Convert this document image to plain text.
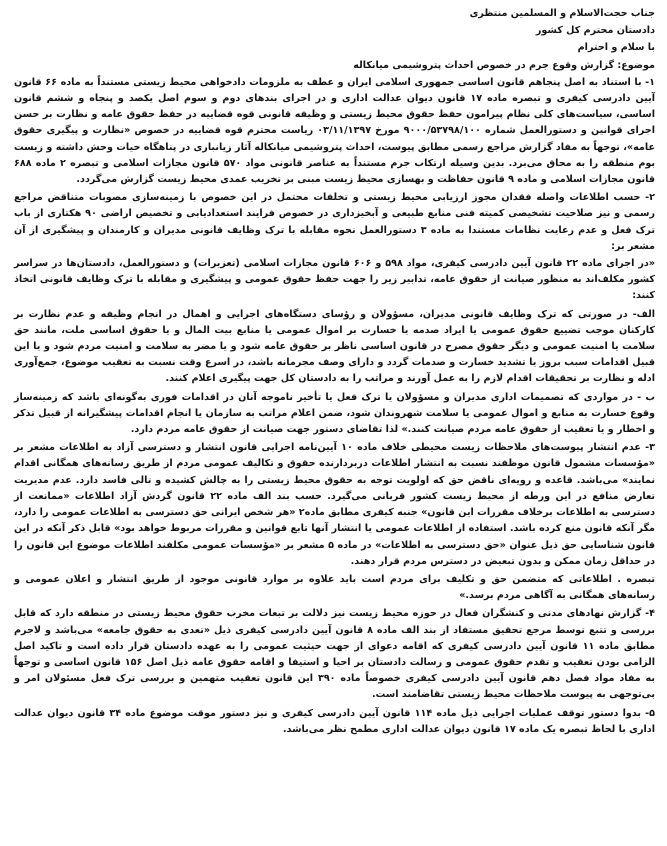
جناب حجت‌الاسلام و المسلمین منتظری
دادستان محترم کل کشور
با سلام و احترام
موضوع: گزارش وقوع جرم در خصوص احداث پتروشیمی میانکاله

۱- با استناد به اصل پنجاهم قانون اساسی جمهوری اسلامی ایران و عطف به ملزومات دادخواهی محیط زیستی مستنداً به ماده ۶۶ قانون آیین دادرسی کیفری و تبصره ماده ۱۷ قانون دیوان عدالت اداری و در اجرای بندهای دوم و سوم اصل یکصد و پنجاه و ششم قانون اساسی، سیاست‌های کلی نظام پیرامون حفظ حقوق محیط زیستی و وظیفه قانونی قوه قضاییه در حفظ حقوق عامه و نظارت بر حسن اجرای قوانین و دستورالعمل شماره ۹۰۰۰/۵۳۷۹۸/۱۰۰ مورخ ۰۳/۱۱/۱۳۹۷ ریاست محترم قوه قضاییه در خصوص «نظارت و پیگیری حقوق عامه»، توجهاً به مفاد گزارش مراجع رسمی مطابق پیوست، احداث پتروشیمی میانکاله آثار زیانباری در پناهگاه حیات وحش داشته و زیست بوم منطقه را به محاق می‌برد. بدین وسیله ارتکاب جرم مستنداً به عناصر قانونی مواد ۵۷۰ قانون مجازات اسلامی و تبصره ۲ ماده ۶۸۸ قانون مجازات اسلامی و ماده ۹ قانون حفاظت و بهسازی محیط زیست مبنی بر تخریب عمدی محیط زیست گزارش می‌گردد.

۲- حسب اطلاعات واصله فقدان مجوز ارزیابی محیط زیستی و تخلفات محتمل در این خصوص با زمینه‌سازی مصوبات متناقض مراجع رسمی و نیز صلاحیت تشخیصی کمیته فنی منابع طبیعی و آبخیزداری در خصوص فرایند استعدادیابی و تخصیص اراضی ۹۰ هکتاری از باب ترک فعل و عدم رعایت نظامات مستندا به ماده ۳ دستورالعمل نحوه مقابله با ترک وظایف قانونی مدیران و کارمندان و پیشگیری از آن مشعر بر:

«در اجرای ماده ۲۲ قانون آیین دادرسی کیفری، مواد ۵۹۸ و ۶۰۶ قانون مجازات اسلامی (تعزیرات) و دستورالعمل، دادستان‌ها در سراسر کشور مکلف‌اند به منظور صیانت از حقوق عامه، تدابیر زیر را جهت حفظ حقوق عمومی و پیشگیری و مقابله با ترک وظایف قانونی اتخاذ کنند:

الف- در صورتی که ترک وظایف قانونی مدیران، مسؤولان و رؤسای دستگاه‌های اجرایی و اهمال در انجام وظیفه و عدم نظارت بر کارکنان موجب تضییع حقوق عمومی یا ایراد صدمه یا خسارت بر اموال عمومی یا منابع بیت المال و یا حقوق اساسی ملت، مانند حق سلامت یا امنیت عمومی و دیگر حقوق مصرح در قانون اساسی ناظر بر حقوق عامه شود و یا مضر به سلامت و امنیت مردم شود و یا این قبیل اقدامات سبب بروز یا تشدید خسارت و صدمات گردد و دارای وصف مجرمانه باشد، در اسرع وقت نسبت به تعقیب موضوع، جمع‌آوری ادله و نظارت بر تحقیقات اقدام لازم را به عمل آورند و مراتب را به دادستان کل جهت پیگیری اعلام کنند.

ب - در مواردی که تصمیمات اداری مدیران و مسؤولان یا ترک فعل یا تأخیر ناموجه آنان در اقدامات فوری به‌گونه‌ای باشد که زمینه‌ساز وقوع خسارت به منابع و اموال عمومی یا سلامت شهروندان شود، ضمن اعلام مراتب به سازمان یا انجام اقدامات پیشگیرانه از قبیل تذکر و اخطار و یا تعقیب از حقوق عامه مردم صیانت کنند.» لذا تقاضای دستور جهت صیانت از حقوق عامه مردم دارد.

۳- عدم انتشار پیوست‌های ملاحظات زیست محیطی خلاف ماده ۱۰ آیین‌نامه اجرایی قانون انتشار و دسترسی آزاد به اطلاعات مشعر بر «مؤسسات مشمول قانون موظفند نسبت به انتشار اطلاعات دربردارنده حقوق و تکالیف عمومی مردم از طریق رسانه‌های همگانی اقدام نمایند» می‌باشد. قاعده و رویه‌ای ناقض حق که اولویت توجه به حقوق محیط زیستی را به چالش کشیده و تالی فاسد دارد. عدم مدیریت تعارض منافع در این ورطه از محیط زیست کشور قربانی می‌گیرد. حسب بند الف ماده ۲۲ قانون گردش آزاد اطلاعات «ممانعت از دسترسی به اطلاعات برخلاف مقررات این قانون» جنبه کیفری مطابق ماده۲ «هر شخص ایرانی حق دسترسی به اطلاعات عمومی را دارد، مگر آنکه قانون منع کرده باشد. استفاده از اطلاعات عمومی یا انتشار آنها تابع قوانین و مقررات مربوط خواهد بود» قابل ذکر آنکه در این قانون شناسایی حق ذیل عنوان «حق دسترسی به اطلاعات» در ماده ۵ مشعر بر «مؤسسات عمومی مکلفند اطلاعات موضوع این قانون را در حداقل زمان ممکن و بدون تبعیض در دسترس مردم قرار دهند.

تبصره . اطلاعاتی که متضمن حق و تکلیف برای مردم است باید علاوه بر موارد قانونی موجود از طریق انتشار و اعلان عمومی و رسانه‌های همگانی به آگاهی مردم برسد.»

۴- گزارش نهادهای مدنی و کنشگران فعال در حوزه محیط زیست نیز دلالت بر تبعات مخرب حقوق محیط زیستی در منطقه دارد که قابل بررسی و تتبع توسط مرجع تحقیق مستفاد از بند الف ماده ۸ قانون آیین دادرسی کیفری ذیل «تعدی به حقوق جامعه» می‌باشد و لاجرم مطابق ماده ۱۱ قانون آیین دادرسی کیفری که اقامه دعوای از جهت حیثیت عمومی را به عهده دادستان قرار داده است و تاکید اصل الزامی بودن تعقیب و تقدم حقوق عمومی و رسالت دادستان بر احیا و استیفا و اقامه حقوق عامه ذیل اصل ۱۵۶ قانون اساسی و توجهاً به مفاد مواد فصل دهم قانون آیین دادرسی کیفری خصوصاً ماده ۳۹۰ این قانون تعقیب متهمین و بررسی ترک فعل مسئولان امر و بی‌توجهی به پیوست ملاحظات محیط زیستی تقاضامند است.

۵- بدوا دستور توقف عملیات اجرایی ذیل ماده ۱۱۴ قانون آیین دادرسی کیفری و نیز دستور موقت موضوع ماده ۳۴ قانون دیوان عدالت اداری با لحاظ تبصره یک ماده ۱۷ قانون دیوان عدالت اداری مطمح نظر می‌باشد.
